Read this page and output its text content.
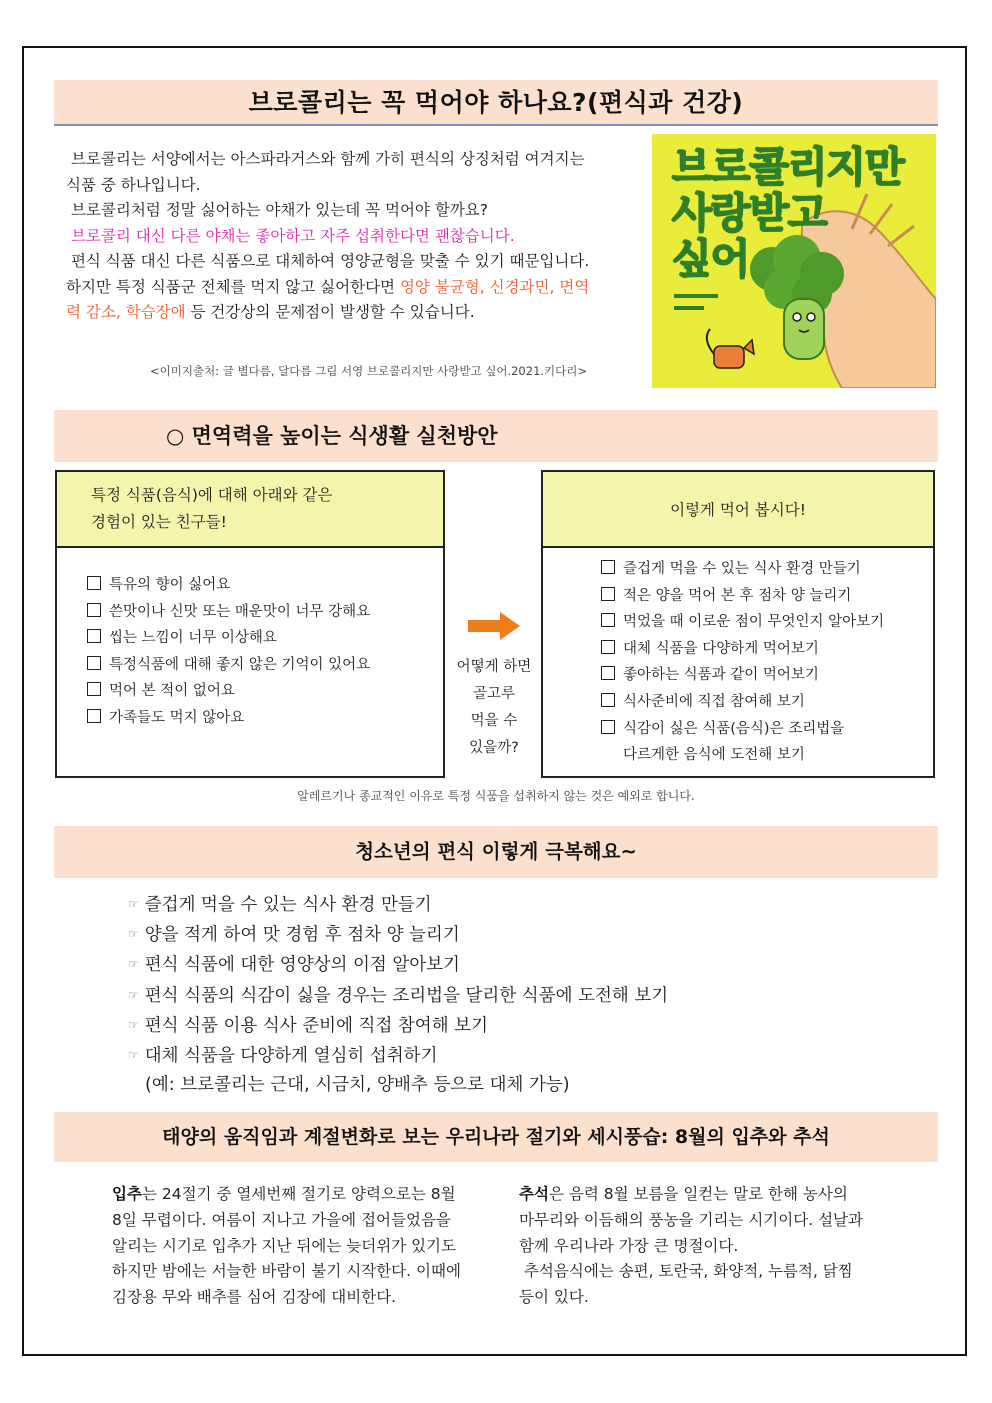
브로콜리는 꼭 먹어야 하나요?(편식과 건강)

브로콜리는 서양에서는 아스파라거스와 함께 가히 편식의 상징처럼 여겨지는

식품 중 하나입니다.

브로콜리처럼 정말 싫어하는 야채가 있는데 꼭 먹어야 할까요?

브로콜리 대신 다른 야채는 좋아하고 자주 섭취한다면 괜찮습니다.

편식 식품 대신 다른 식품으로 대체하여 영양균형을 맞출 수 있기 때문입니다.

하지만 특정 식품군 전체를 먹지 않고 싫어한다면 영양 불균형, 신경과민, 면역

력 감소, 학습장애 등 건강상의 문제점이 발생할 수 있습니다.

<이미지출처: 글 별다름, 달다름 그림 서영 브로콜리지만 사랑받고 싶어.2021.키다리>
브로콜리지만
사랑받고
싶어
○ 면역력을 높이는 식생활 실천방안
특정 식품(음식)에 대해 아래와 같은
경험이 있는 친구들!
특유의 향이 싫어요
쓴맛이나 신맛 또는 매운맛이 너무 강해요
씹는 느낌이 너무 이상해요
특정식품에 대해 좋지 않은 기억이 있어요
먹어 본 적이 없어요
가족들도 먹지 않아요
어떻게 하면
골고루
먹을 수
있을까?
이렇게 먹어 봅시다!
즐겁게 먹을 수 있는 식사 환경 만들기
적은 양을 먹어 본 후 점차 양 늘리기
먹었을 때 이로운 점이 무엇인지 알아보기
대체 식품을 다양하게 먹어보기
좋아하는 식품과 같이 먹어보기
식사준비에 직접 참여해 보기
식감이 싫은 식품(음식)은 조리법을
다르게한 음식에 도전해 보기
알레르기나 종교적인 이유로 특정 식품을 섭취하지 않는 것은 예외로 합니다.
청소년의 편식 이렇게 극복해요~
☞ 즐겁게 먹을 수 있는 식사 환경 만들기
☞ 양을 적게 하여 맛 경험 후 점차 양 늘리기
☞ 편식 식품에 대한 영양상의 이점 알아보기
☞ 편식 식품의 식감이 싫을 경우는 조리법을 달리한 식품에 도전해 보기
☞ 편식 식품 이용 식사 준비에 직접 참여해 보기
☞ 대체 식품을 다양하게 열심히 섭취하기
(예: 브로콜리는 근대, 시금치, 양배추 등으로 대체 가능)
태양의 움직임과 계절변화로 보는 우리나라 절기와 세시풍습: 8월의 입추와 추석

입추는 24절기 중 열세번째 절기로 양력으로는 8월

8일 무렵이다. 여름이 지나고 가을에 접어들었음을

알리는 시기로 입추가 지난 뒤에는 늦더위가 있기도

하지만 밤에는 서늘한 바람이 불기 시작한다. 이때에

김장용 무와 배추를 심어 김장에 대비한다.

추석은 음력 8월 보름을 일컫는 말로 한해 농사의

마무리와 이듬해의 풍농을 기리는 시기이다. 설날과

함께 우리나라 가장 큰 명절이다.

추석음식에는 송편, 토란국, 화양적, 누름적, 닭찜

등이 있다.
